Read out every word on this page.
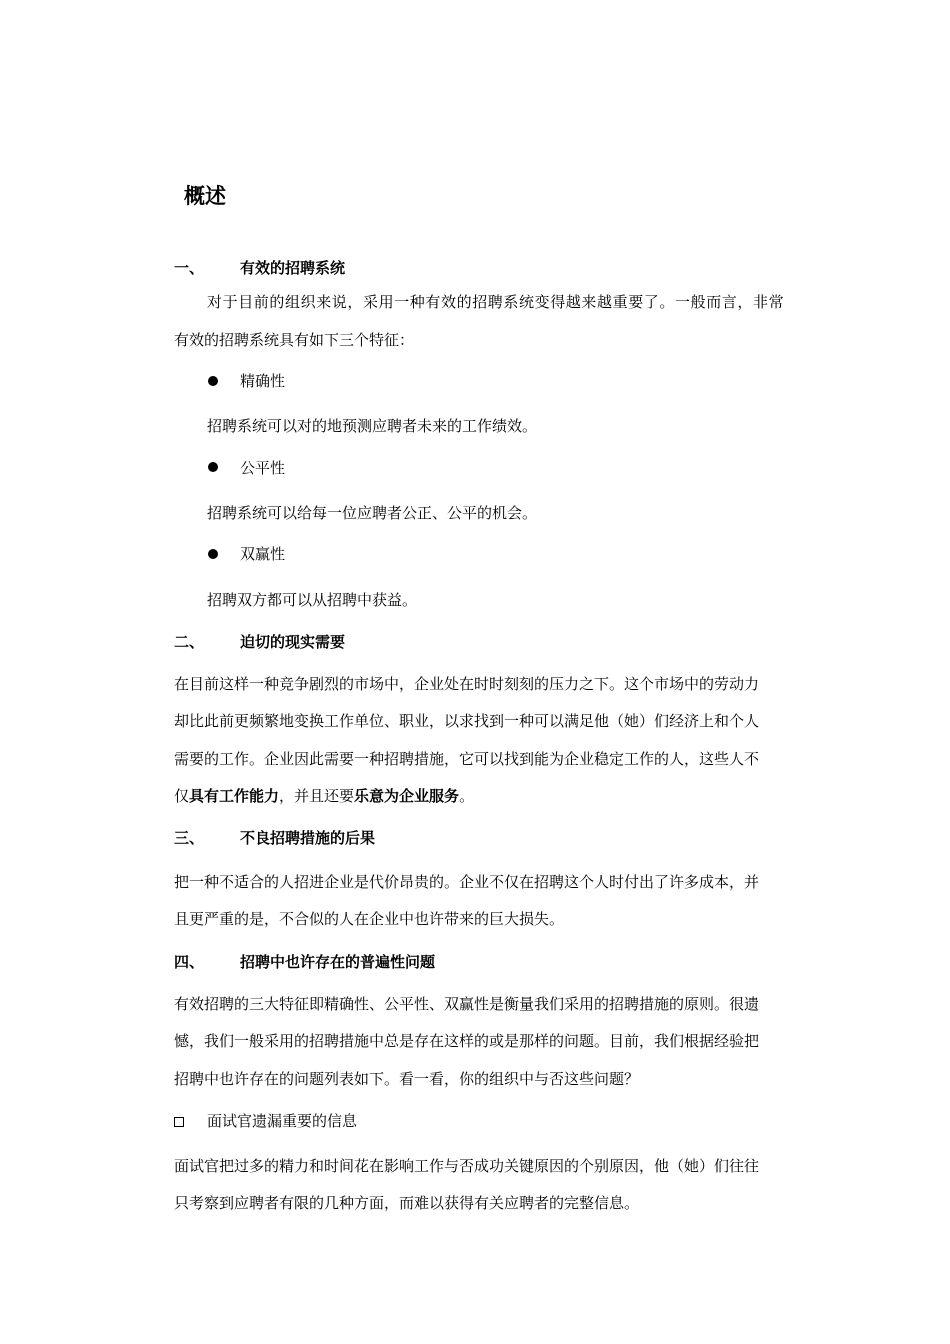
概述
一、 有效的招聘系统
对于目前的组织来说，采用一种有效的招聘系统变得越来越重要了。一般而言，非常
有效的招聘系统具有如下三个特征：
精确性
招聘系统可以对的地预测应聘者未来的工作绩效。
公平性
招聘系统可以给每一位应聘者公正、公平的机会。
双赢性
招聘双方都可以从招聘中获益。
二、 迫切的现实需要
在目前这样一种竞争剧烈的市场中，企业处在时时刻刻的压力之下。这个市场中的劳动力
却比此前更频繁地变换工作单位、职业，以求找到一种可以满足他（她）们经济上和个人
需要的工作。企业因此需要一种招聘措施，它可以找到能为企业稳定工作的人，这些人不
仅具有工作能力，并且还要乐意为企业服务。
三、 不良招聘措施的后果
把一种不适合的人招进企业是代价昂贵的。企业不仅在招聘这个人时付出了许多成本，并
且更严重的是，不合似的人在企业中也许带来的巨大损失。
四、 招聘中也许存在的普遍性问题
有效招聘的三大特征即精确性、公平性、双赢性是衡量我们采用的招聘措施的原则。很遗
憾，我们一般采用的招聘措施中总是存在这样的或是那样的问题。目前，我们根据经验把
招聘中也许存在的问题列表如下。看一看，你的组织中与否这些问题？
面试官遗漏重要的信息
面试官把过多的精力和时间花在影响工作与否成功关键原因的个别原因，他（她）们往往
只考察到应聘者有限的几种方面，而难以获得有关应聘者的完整信息。
